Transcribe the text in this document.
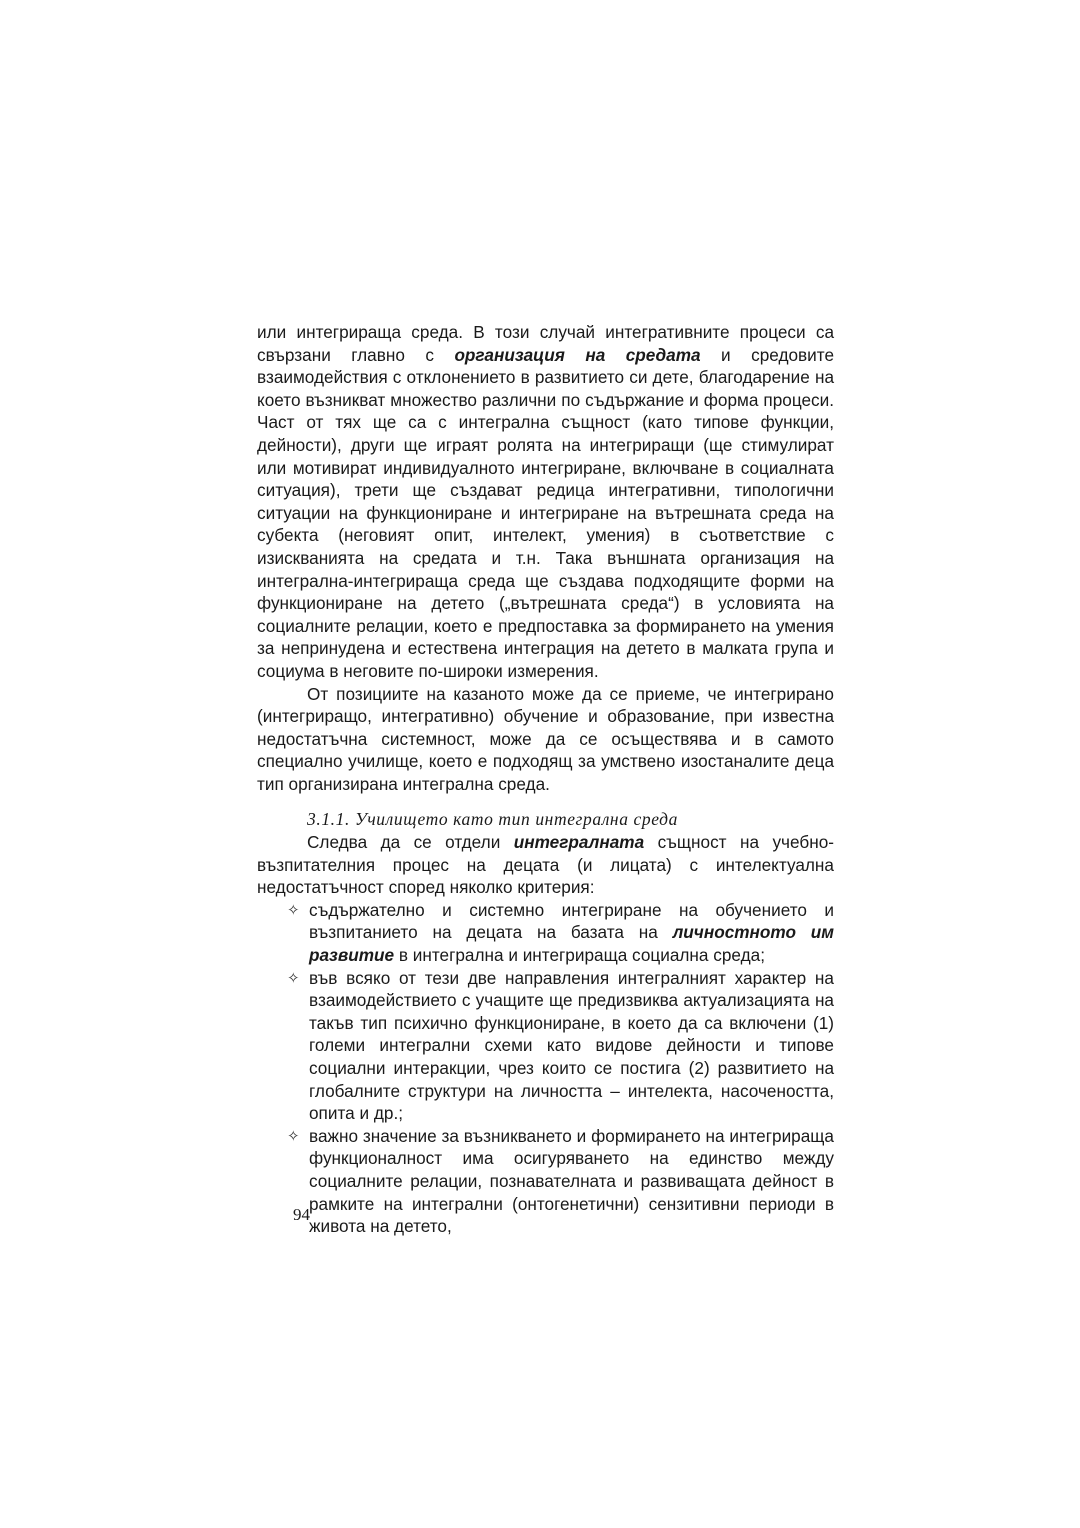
или интегрираща среда. В този случай интегративните процеси са свързани главно с организация на средата и средовите взаимодействия с отклонението в развитието си дете, благодарение на което възникват множество различни по съдържание и форма процеси. Част от тях ще са с интегрална същност (като типове функции, дейности), други ще играят ролята на интегриращи (ще стимулират или мотивират индивидуалното интегриране, включване в социалната ситуация), трети ще създават редица интегративни, типологични ситуации на функциониране и интегриране на вътрешната среда на субекта (неговият опит, интелект, умения) в съответствие с изискванията на средата и т.н. Така външната организация на интегрална-интегрираща среда ще създава подходящите форми на функциониране на детето („вътрешната среда“) в условията на социалните релации, което е предпоставка за формирането на умения за непринудена и естествена интеграция на детето в малката група и социума в неговите по-широки измерения.

От позициите на казаното може да се приеме, че интегрирано (интегриращо, интегративно) обучение и образование, при известна недостатъчна системност, може да се осъществява и в самото специално училище, което е подходящ за умствено изостаналите деца тип организирана интегрална среда.

3.1.1. Училището като тип интегрална среда

Следва да се отдели интегралната същност на учебно-възпитателния процес на децата (и лицата) с интелектуална недостатъчност според няколко критерия:

✧ съдържателно и системно интегриране на обучението и възпитанието на децата на базата на личностното им развитие в интегрална и интегрираща социална среда;
✧ във всяко от тези две направления интегралният характер на взаимодействието с учащите ще предизвиква актуализацията на такъв тип психично функциониране, в което да са включени (1) големи интегрални схеми като видове дейности и типове социални интеракции, чрез които се постига (2) развитието на глобалните структури на личността – интелекта, насочеността, опита и др.;
✧ важно значение за възникването и формирането на интегрираща функционалност има осигуряването на единство между социалните релации, познавателната и развиващата дейност в рамките на интегрални (онтогенетични) сензитивни периоди в живота на детето,
94
